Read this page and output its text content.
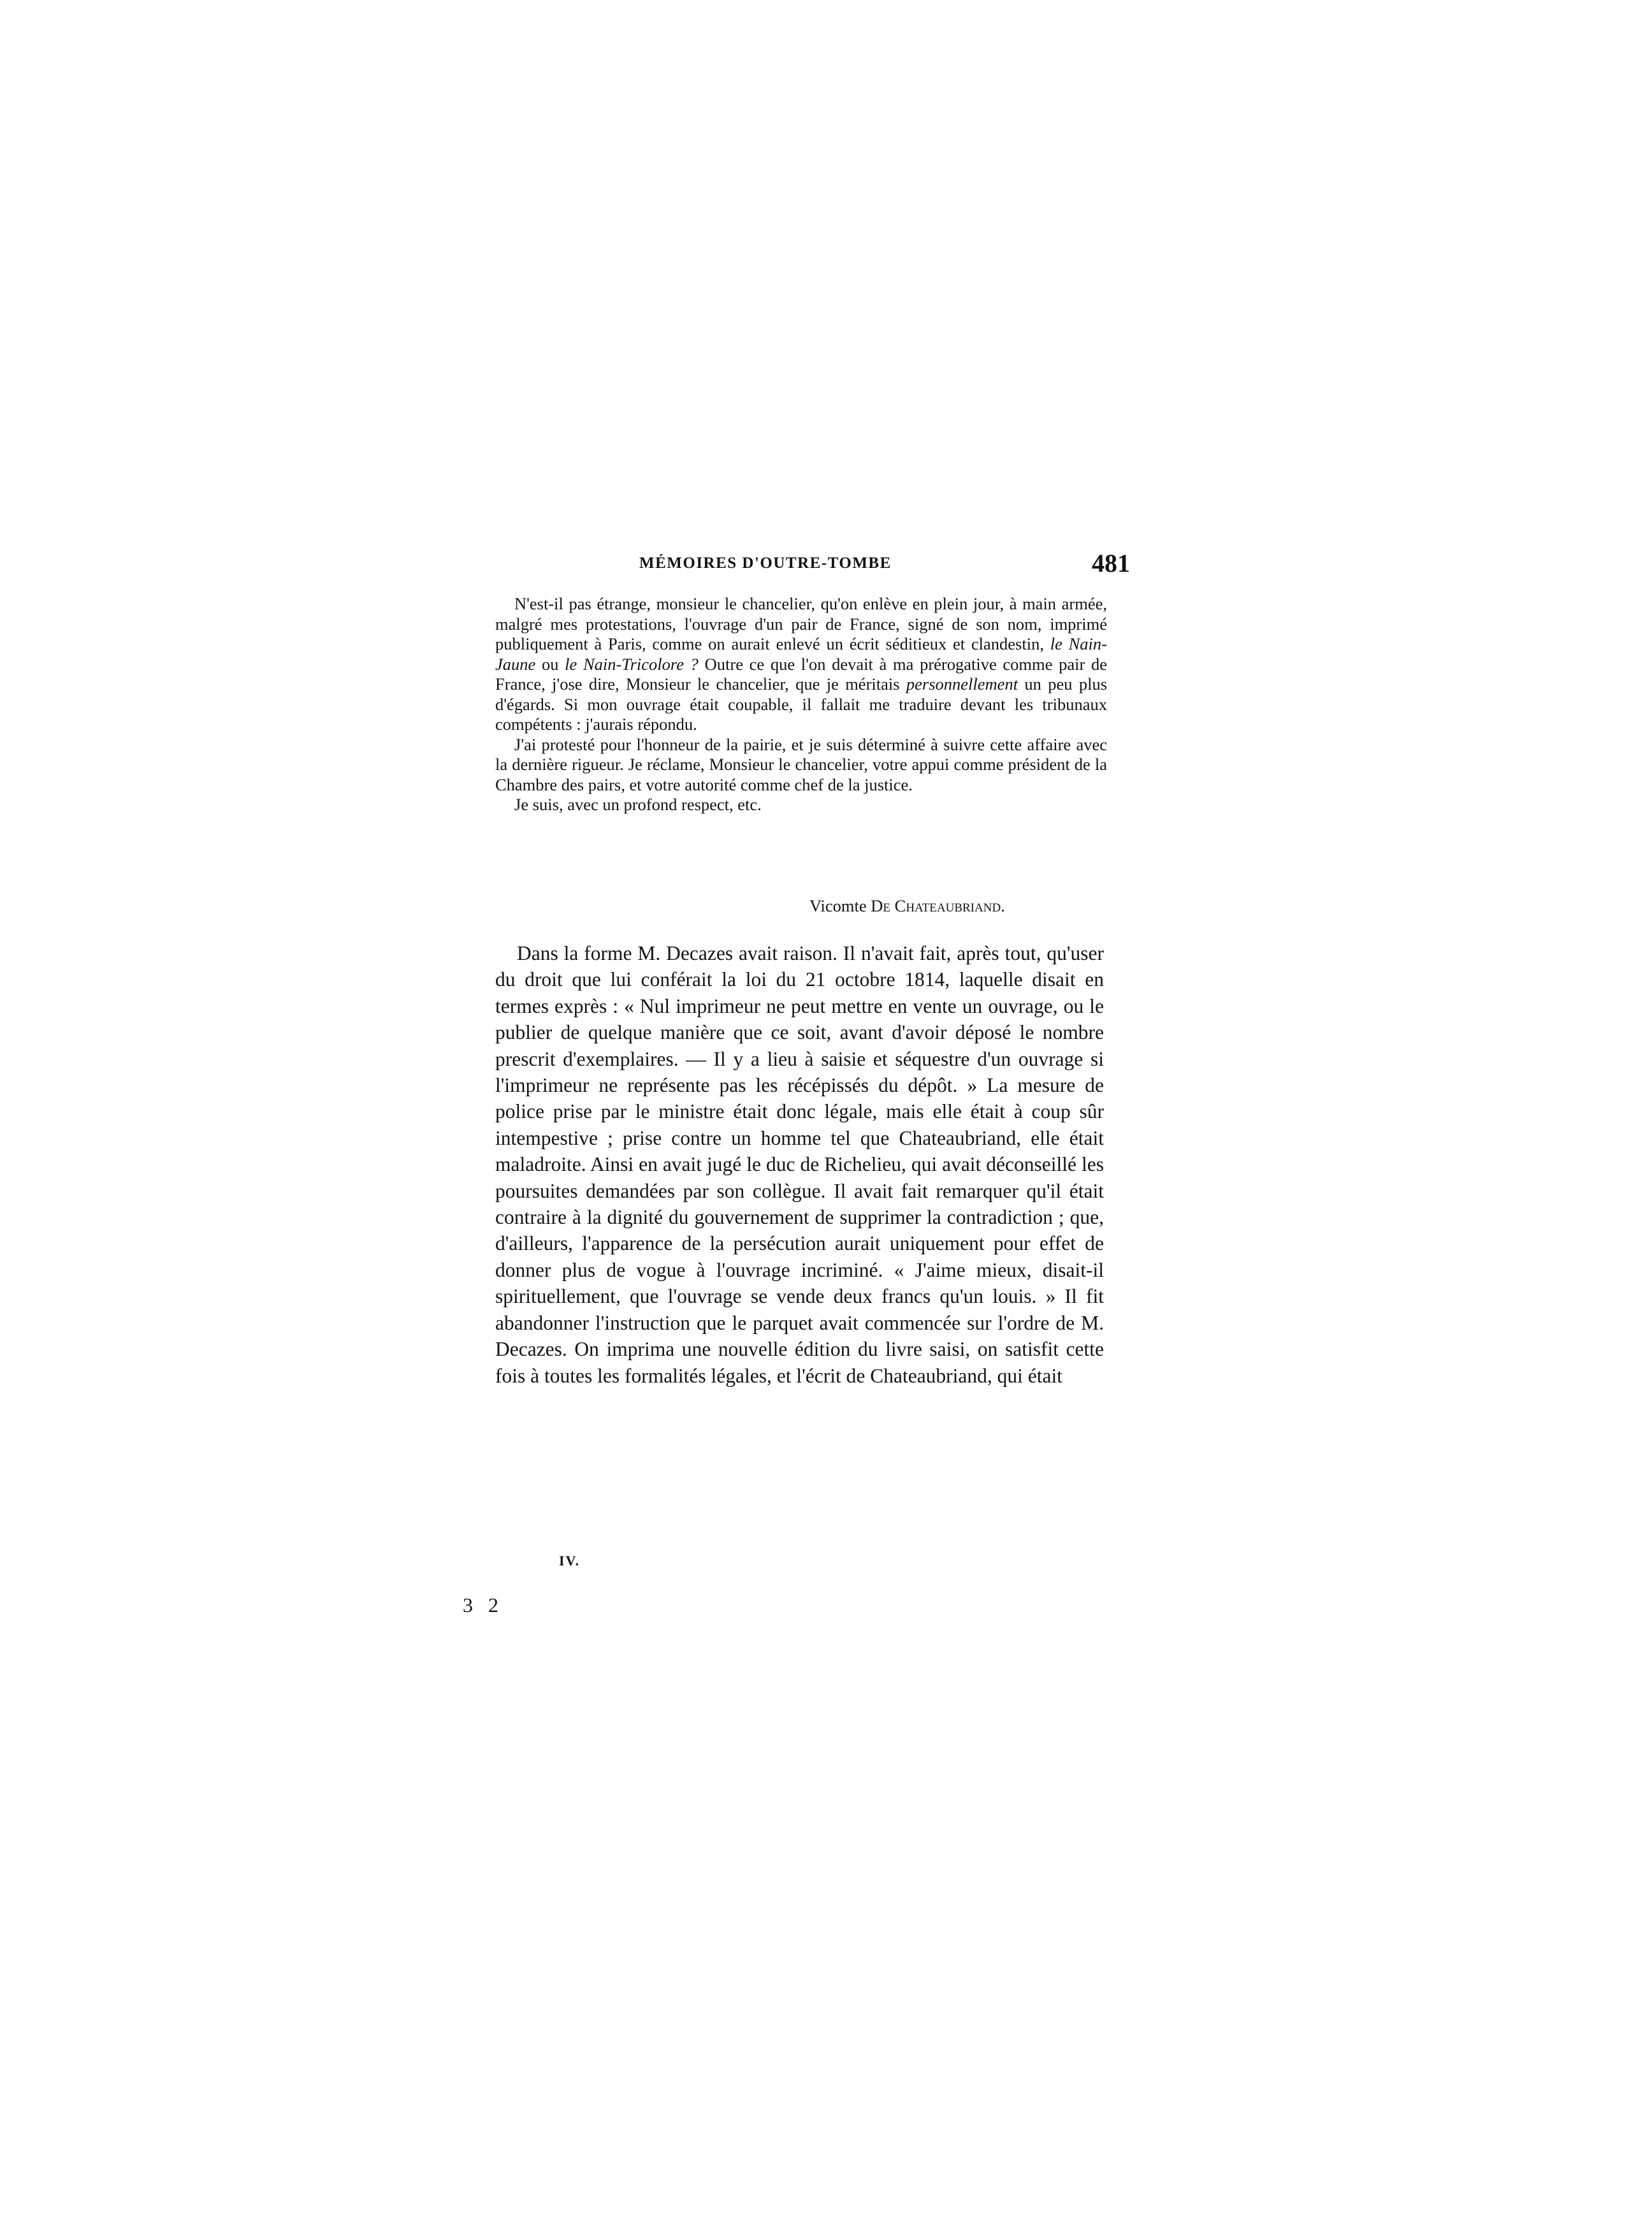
MÉMOIRES D'OUTRE-TOMBE	481

N'est-il pas étrange, monsieur le chancelier, qu'on enlève en plein jour, à main armée, malgré mes protestations, l'ouvrage d'un pair de France, signé de son nom, imprimé publiquement à Paris, comme on aurait enlevé un écrit séditieux et clandestin, le Nain-Jaune ou le Nain-Tricolore ? Outre ce que l'on devait à ma prérogative comme pair de France, j'ose dire, Monsieur le chancelier, que je méritais personnellement un peu plus d'égards. Si mon ouvrage était coupable, il fallait me traduire devant les tribunaux compétents : j'aurais répondu.

J'ai protesté pour l'honneur de la pairie, et je suis déterminé à suivre cette affaire avec la dernière rigueur. Je réclame, Monsieur le chancelier, votre appui comme président de la Chambre des pairs, et votre autorité comme chef de la justice.

Je suis, avec un profond respect, etc.

Vicomte De Chateaubriand.

Dans la forme M. Decazes avait raison. Il n'avait fait, après tout, qu'user du droit que lui conférait la loi du 21 octobre 1814, laquelle disait en termes exprès : « Nul imprimeur ne peut mettre en vente un ouvrage, ou le publier de quelque manière que ce soit, avant d'avoir déposé le nombre prescrit d'exemplaires. — Il y a lieu à saisie et séquestre d'un ouvrage si l'imprimeur ne représente pas les récépissés du dépôt. » La mesure de police prise par le ministre était donc légale, mais elle était à coup sûr intempestive ; prise contre un homme tel que Chateaubriand, elle était maladroite. Ainsi en avait jugé le duc de Richelieu, qui avait déconseillé les poursuites demandées par son collègue. Il avait fait remarquer qu'il était contraire à la dignité du gouvernement de supprimer la contradiction ; que, d'ailleurs, l'apparence de la persécution aurait uniquement pour effet de donner plus de vogue à l'ouvrage incriminé. « J'aime mieux, disait-il spirituellement, que l'ouvrage se vende deux francs qu'un louis. » Il fit abandonner l'instruction que le parquet avait commencée sur l'ordre de M. Decazes. On imprima une nouvelle édition du livre saisi, on satisfit cette fois à toutes les formalités légales, et l'écrit de Chateaubriand, qui était

IV.
3 2
